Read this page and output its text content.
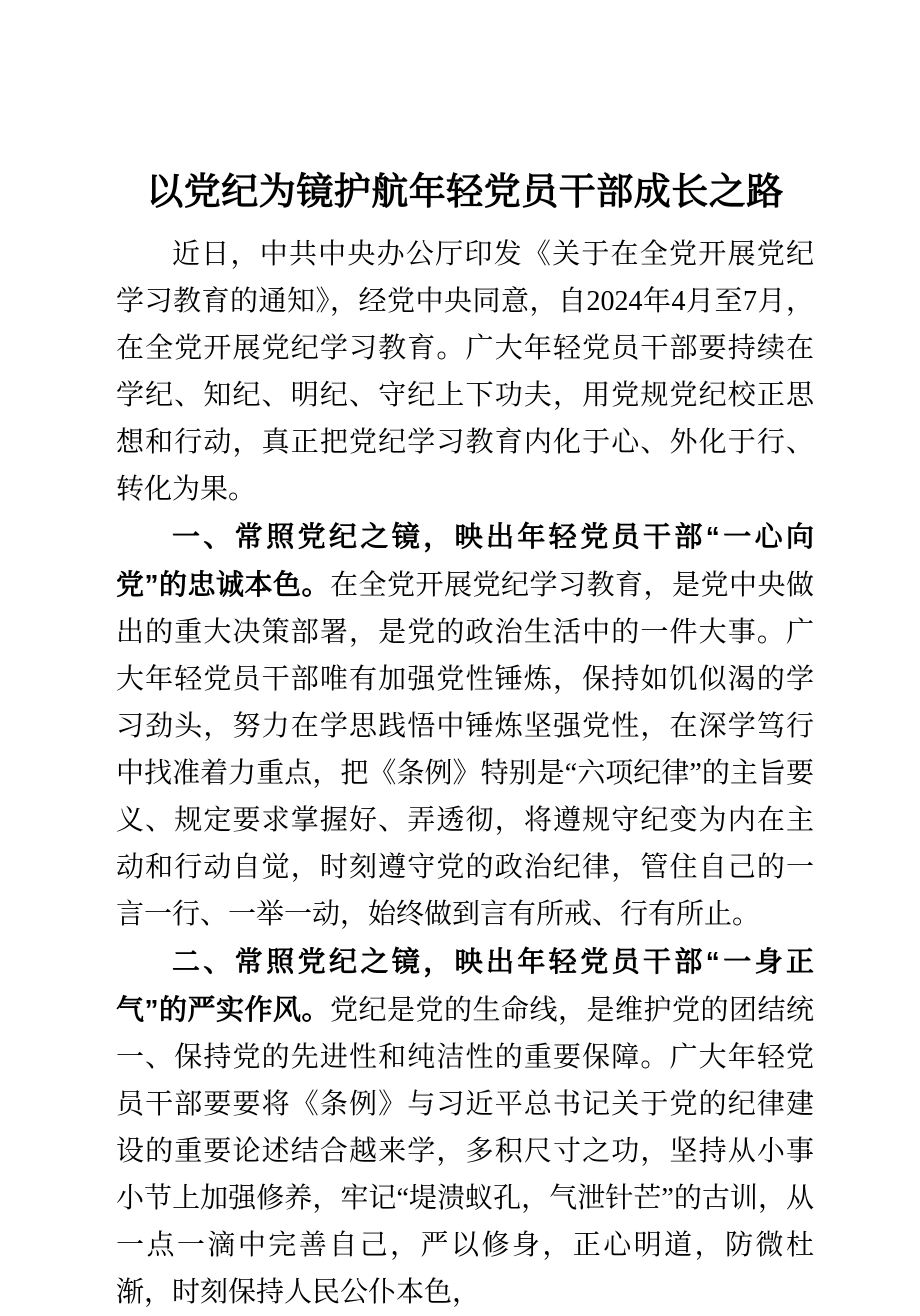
以党纪为镜护航年轻党员干部成长之路

近日，中共中央办公厅印发《关于在全党开展党纪学习教育的通知》，经党中央同意，自2024年4月至7月，在全党开展党纪学习教育。广大年轻党员干部要持续在学纪、知纪、明纪、守纪上下功夫，用党规党纪校正思想和行动，真正把党纪学习教育内化于心、外化于行、转化为果。

一、常照党纪之镜，映出年轻党员干部“一心向党”的忠诚本色。在全党开展党纪学习教育，是党中央做出的重大决策部署，是党的政治生活中的一件大事。广大年轻党员干部唯有加强党性锤炼，保持如饥似渴的学习劲头，努力在学思践悟中锤炼坚强党性，在深学笃行中找准着力重点，把《条例》特别是“六项纪律”的主旨要义、规定要求掌握好、弄透彻，将遵规守纪变为内在主动和行动自觉，时刻遵守党的政治纪律，管住自己的一言一行、一举一动，始终做到言有所戒、行有所止。

二、常照党纪之镜，映出年轻党员干部“一身正气”的严实作风。党纪是党的生命线，是维护党的团结统一、保持党的先进性和纯洁性的重要保障。广大年轻党员干部要要将《条例》与习近平总书记关于党的纪律建设的重要论述结合越来学，多积尺寸之功，坚持从小事小节上加强修养，牢记“堤溃蚁孔，气泄针芒”的古训，从一点一滴中完善自己，严以修身，正心明道，防微杜渐，时刻保持人民公仆本色，
